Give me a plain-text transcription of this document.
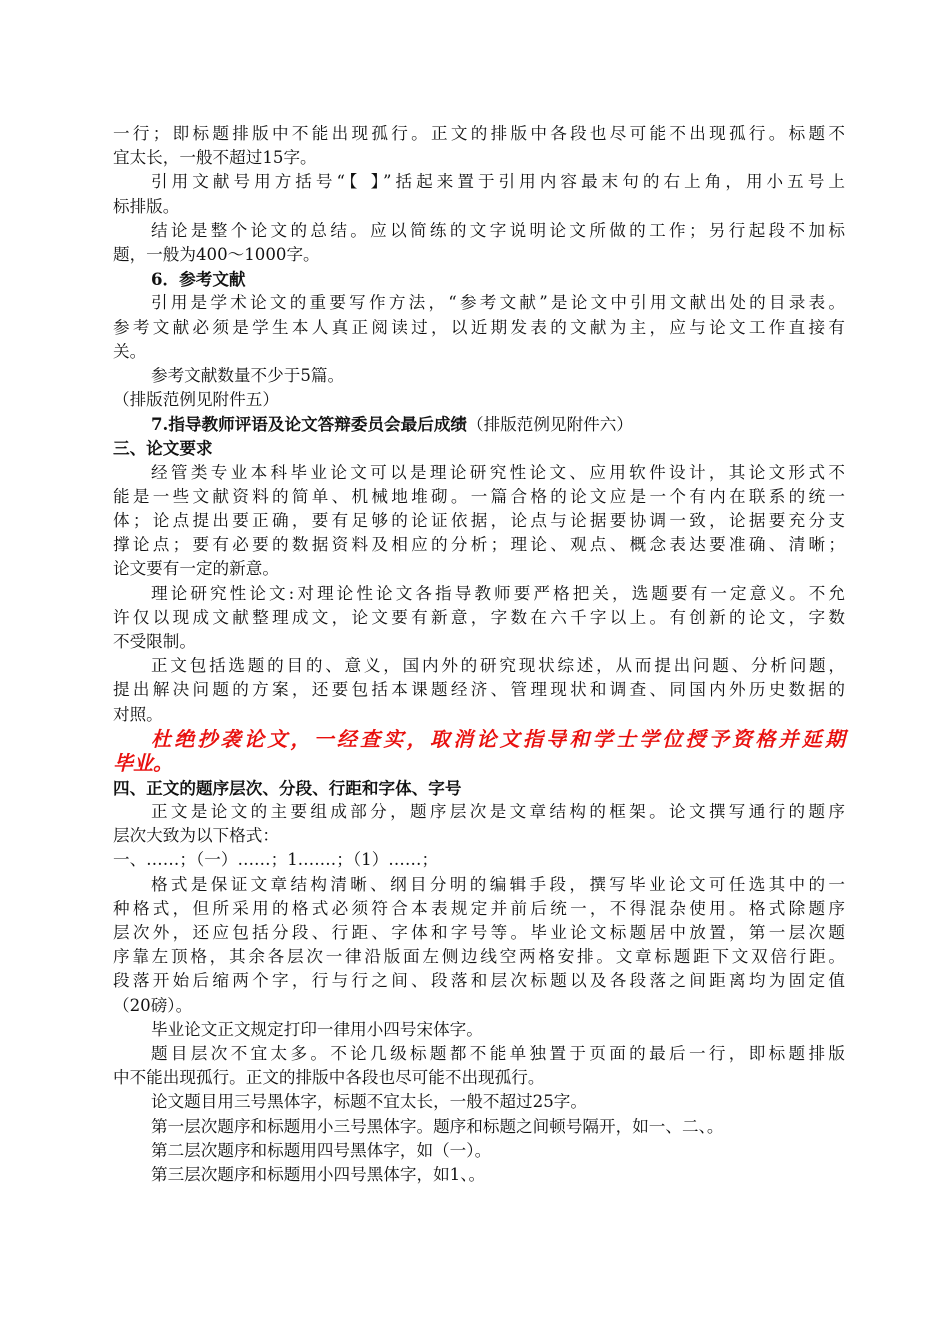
一行；即标题排版中不能出现孤行。正文的排版中各段也尽可能不出现孤行。标题不
宜太长，一般不超过15字。
引用文献号用方括号“【 】”括起来置于引用内容最末句的右上角，用小五号上
标排版。
结论是整个论文的总结。应以简练的文字说明论文所做的工作；另行起段不加标
题，一般为400～1000字。
6．参考文献
引用是学术论文的重要写作方法，“参考文献”是论文中引用文献出处的目录表。
参考文献必须是学生本人真正阅读过，以近期发表的文献为主，应与论文工作直接有
关。
参考文献数量不少于5篇。
（排版范例见附件五）
7.指导教师评语及论文答辩委员会最后成绩（排版范例见附件六）
三、论文要求
经管类专业本科毕业论文可以是理论研究性论文、应用软件设计，其论文形式不
能是一些文献资料的简单、机械地堆砌。一篇合格的论文应是一个有内在联系的统一
体；论点提出要正确，要有足够的论证依据，论点与论据要协调一致，论据要充分支
撑论点；要有必要的数据资料及相应的分析；理论、观点、概念表达要准确、清晰；
论文要有一定的新意。
理论研究性论文:对理论性论文各指导教师要严格把关，选题要有一定意义。不允
许仅以现成文献整理成文，论文要有新意，字数在六千字以上。有创新的论文，字数
不受限制。
正文包括选题的目的、意义，国内外的研究现状综述，从而提出问题、分析问题，
提出解决问题的方案，还要包括本课题经济、管理现状和调查、同国内外历史数据的
对照。
杜绝抄袭论文，一经查实，取消论文指导和学士学位授予资格并延期
毕业。
四、正文的题序层次、分段、行距和字体、字号
正文是论文的主要组成部分，题序层次是文章结构的框架。论文撰写通行的题序
层次大致为以下格式：
一、……；（一）……；1.……；（1）……；
格式是保证文章结构清晰、纲目分明的编辑手段，撰写毕业论文可任选其中的一
种格式，但所采用的格式必须符合本表规定并前后统一，不得混杂使用。格式除题序
层次外，还应包括分段、行距、字体和字号等。毕业论文标题居中放置，第一层次题
序靠左顶格，其余各层次一律沿版面左侧边线空两格安排。文章标题距下文双倍行距。
段落开始后缩两个字，行与行之间、段落和层次标题以及各段落之间距离均为固定值
（20磅）。
毕业论文正文规定打印一律用小四号宋体字。
题目层次不宜太多。不论几级标题都不能单独置于页面的最后一行，即标题排版
中不能出现孤行。正文的排版中各段也尽可能不出现孤行。
论文题目用三号黑体字，标题不宜太长，一般不超过25字。
第一层次题序和标题用小三号黑体字。题序和标题之间顿号隔开，如一、二、。
第二层次题序和标题用四号黑体字，如（一）。
第三层次题序和标题用小四号黑体字，如1、。
